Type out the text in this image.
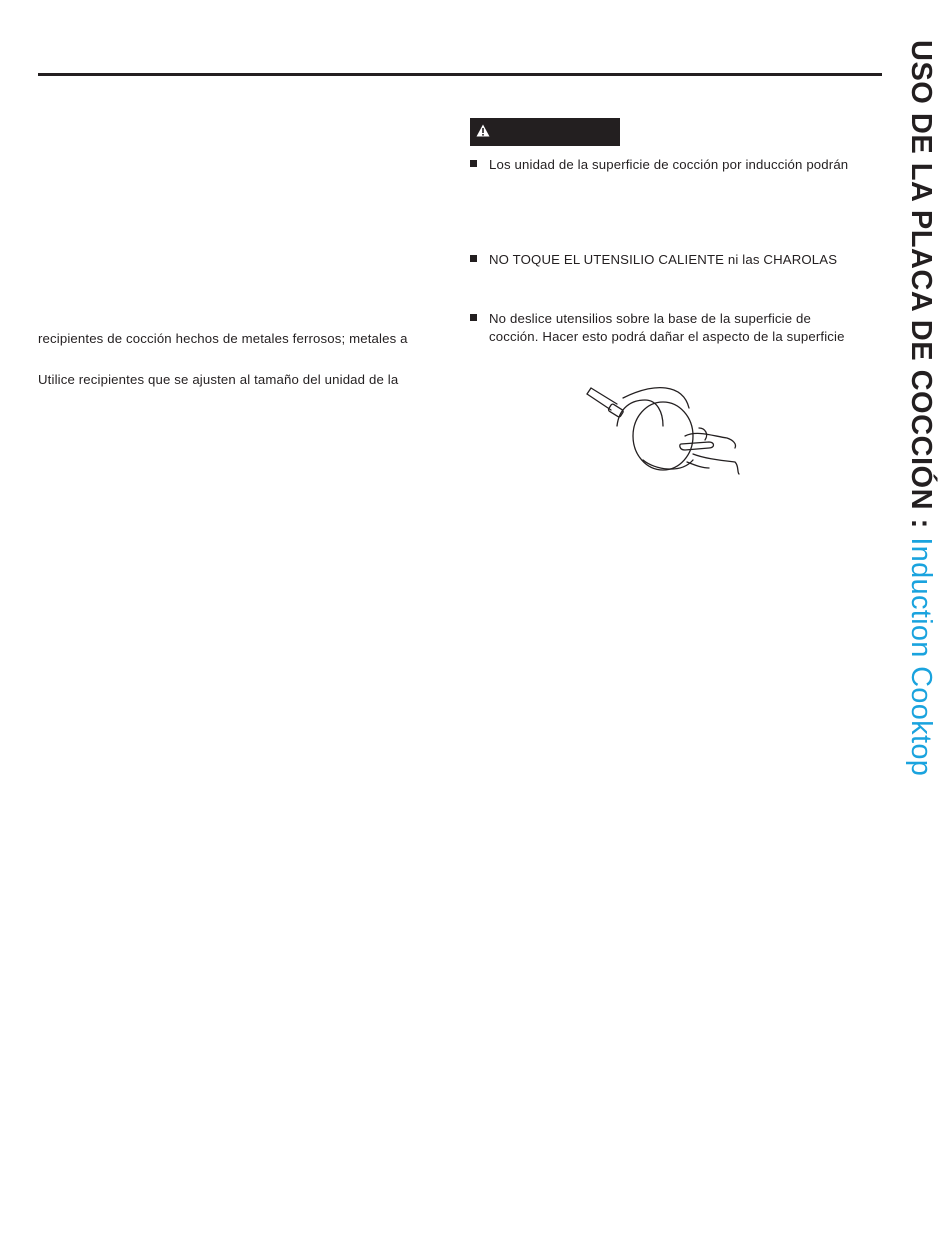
recipientes de cocción hechos de metales ferrosos; metales a
Utilice recipientes que se ajusten al tamaño del unidad de la
Los unidad de la superficie de cocción por inducción podrán
NO TOQUE EL UTENSILIO CALIENTE ni las CHAROLAS
No deslice utensilios sobre la base de la superficie de
cocción. Hacer esto podrá dañar el aspecto de la superficie USO DE LA PLACA DE COCCIÓN : Induction Cooktop
